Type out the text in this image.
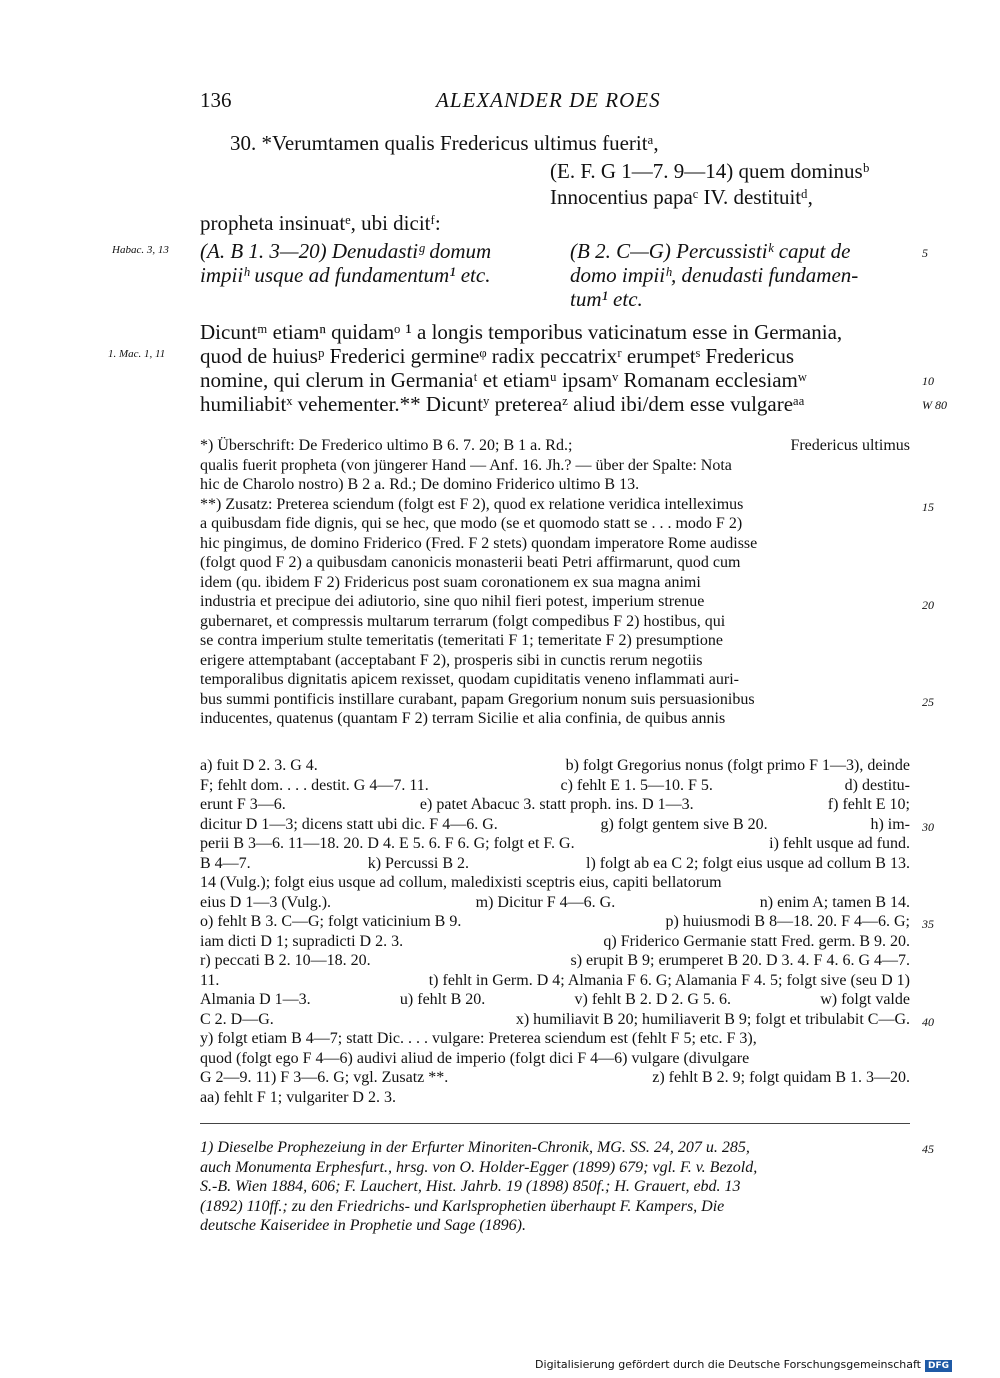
136	ALEXANDER DE ROES
30. *Verumtamen qualis Fredericus ultimus fueritᵃ,
(E. F. G 1—7. 9—14) quem dominusᵇ
Innocentius papaᶜ IV. destituitᵈ,
propheta insinuatᵉ, ubi dicitᶠ:
Habac. 3, 13 (A. B 1. 3—20) Denudastiᵍ domum
impiiʰ usque ad fundamentum¹ etc.
(B 2. C—G) Percussistiᵏ caput de
domo impiiʰ, denudasti fundamen-
tum¹ etc.
5
Dicuntᵐ etiamⁿ quidamᵒ ¹ a longis temporibus vaticinatum esse in Germania,
1. Mac. 1, 11 quod de huiusᵖ Frederici germineᵠ radix peccatrixʳ erumpetˢ Fredericus
nomine, qui clerum in Germaniaᵗ et etiamᵘ ipsamᵛ Romanam ecclesiamʷ	10
humiliabitˣ vehementer.** Dicuntʸ pretereaᶻ aliud ibi/dem esse vulgareᵃᵃ	W 80
*) Überschrift: De Frederico ultimo B 6. 7. 20; B 1 a. Rd.;	Fredericus ultimus
qualis fuerit propheta (von jüngerer Hand — Anf. 16. Jh.? — über der Spalte: Nota
hic de Charolo nostro) B 2 a. Rd.; De domino Friderico ultimo B 13.
**) Zusatz: Preterea sciendum (folgt est F 2), quod ex relatione veridica intelleximus
a quibusdam fide dignis, qui se hec, que modo (se et quomodo statt se . . . modo F 2)
hic pingimus, de domino Friderico (Fred. F 2 stets) quondam imperatore Rome audisse
(folgt quod F 2) a quibusdam canonicis monasterii beati Petri affirmarunt, quod cum
idem (qu. ibidem F 2) Fridericus post suam coronationem ex sua magna animi
industria et precipue dei adiutorio, sine quo nihil fieri potest, imperium strenue
gubernaret, et compressis multarum terrarum (folgt compedibus F 2) hostibus, qui
se contra imperium stulte temeritatis (temeritati F 1; temeritate F 2) presumptione
erigere attemptabant (acceptabant F 2), prosperis sibi in cunctis rerum negotiis
temporalibus dignitatis apicem rexisset, quodam cupiditatis veneno inflammati auri-
bus summi pontificis instillare curabant, papam Gregorium nonum suis persuasionibus
inducentes, quatenus (quantam F 2) terram Sicilie et alia confinia, de quibus annis
15
20
25
a) fuit D 2. 3. G 4.	b) folgt Gregorius nonus (folgt primo F 1—3), deinde
F; fehlt dom. . . . destit. G 4—7. 11.	c) fehlt E 1. 5—10. F 5.	d) destitu-
erunt F 3—6.	e) patet Abacuc 3. statt proph. ins. D 1—3.	f) fehlt E 10;
dicitur D 1—3; dicens statt ubi dic. F 4—6. G.	g) folgt gentem sive B 20.	h) im-
perii B 3—6. 11—18. 20. D 4. E 5. 6. F 6. G; folgt et F. G.	i) fehlt usque ad fund.
B 4—7.	k) Percussi B 2.	l) folgt ab ea C 2; folgt eius usque ad collum B 13.
14 (Vulg.); folgt eius usque ad collum, maledixisti sceptris eius, capiti bellatorum
eius D 1—3 (Vulg.).	m) Dicitur F 4—6. G.	n) enim A; tamen B 14.
o) fehlt B 3. C—G; folgt vaticinium B 9.	p) huiusmodi B 8—18. 20. F 4—6. G;
iam dicti D 1; supradicti D 2. 3.	q) Friderico Germanie statt Fred. germ. B 9. 20.
r) peccati B 2. 10—18. 20.	s) erupit B 9; erumperet B 20. D 3. 4. F 4. 6. G 4—7.
11.	t) fehlt in Germ. D 4; Almania F 6. G; Alamania F 4. 5; folgt sive (seu D 1)
Almania D 1—3.	u) fehlt B 20.	v) fehlt B 2. D 2. G 5. 6.	w) folgt valde
C 2. D—G.	x) humiliavit B 20; humiliaverit B 9; folgt et tribulabit C—G.
y) folgt etiam B 4—7; statt Dic. . . . vulgare: Preterea sciendum est (fehlt F 5; etc. F 3),
quod (folgt ego F 4—6) audivi aliud de imperio (folgt dici F 4—6) vulgare (divulgare
G 2—9. 11) F 3—6. G; vgl. Zusatz **.	z) fehlt B 2. 9; folgt quidam B 1. 3—20.
aa) fehlt F 1; vulgariter D 2. 3.
30
35
40
1) Dieselbe Prophezeiung in der Erfurter Minoriten-Chronik, MG. SS. 24, 207 u. 285,
auch Monumenta Erphesfurt., hrsg. von O. Holder-Egger (1899) 679; vgl. F. v. Bezold,
S.-B. Wien 1884, 606; F. Lauchert, Hist. Jahrb. 19 (1898) 850f.; H. Grauert, ebd. 13
(1892) 110ff.; zu den Friedrichs- und Karlsprophetien überhaupt F. Kampers, Die
deutsche Kaiseridee in Prophetie und Sage (1896).
45
Digitalisierung gefördert durch die Deutsche Forschungsgemeinschaft DFG
